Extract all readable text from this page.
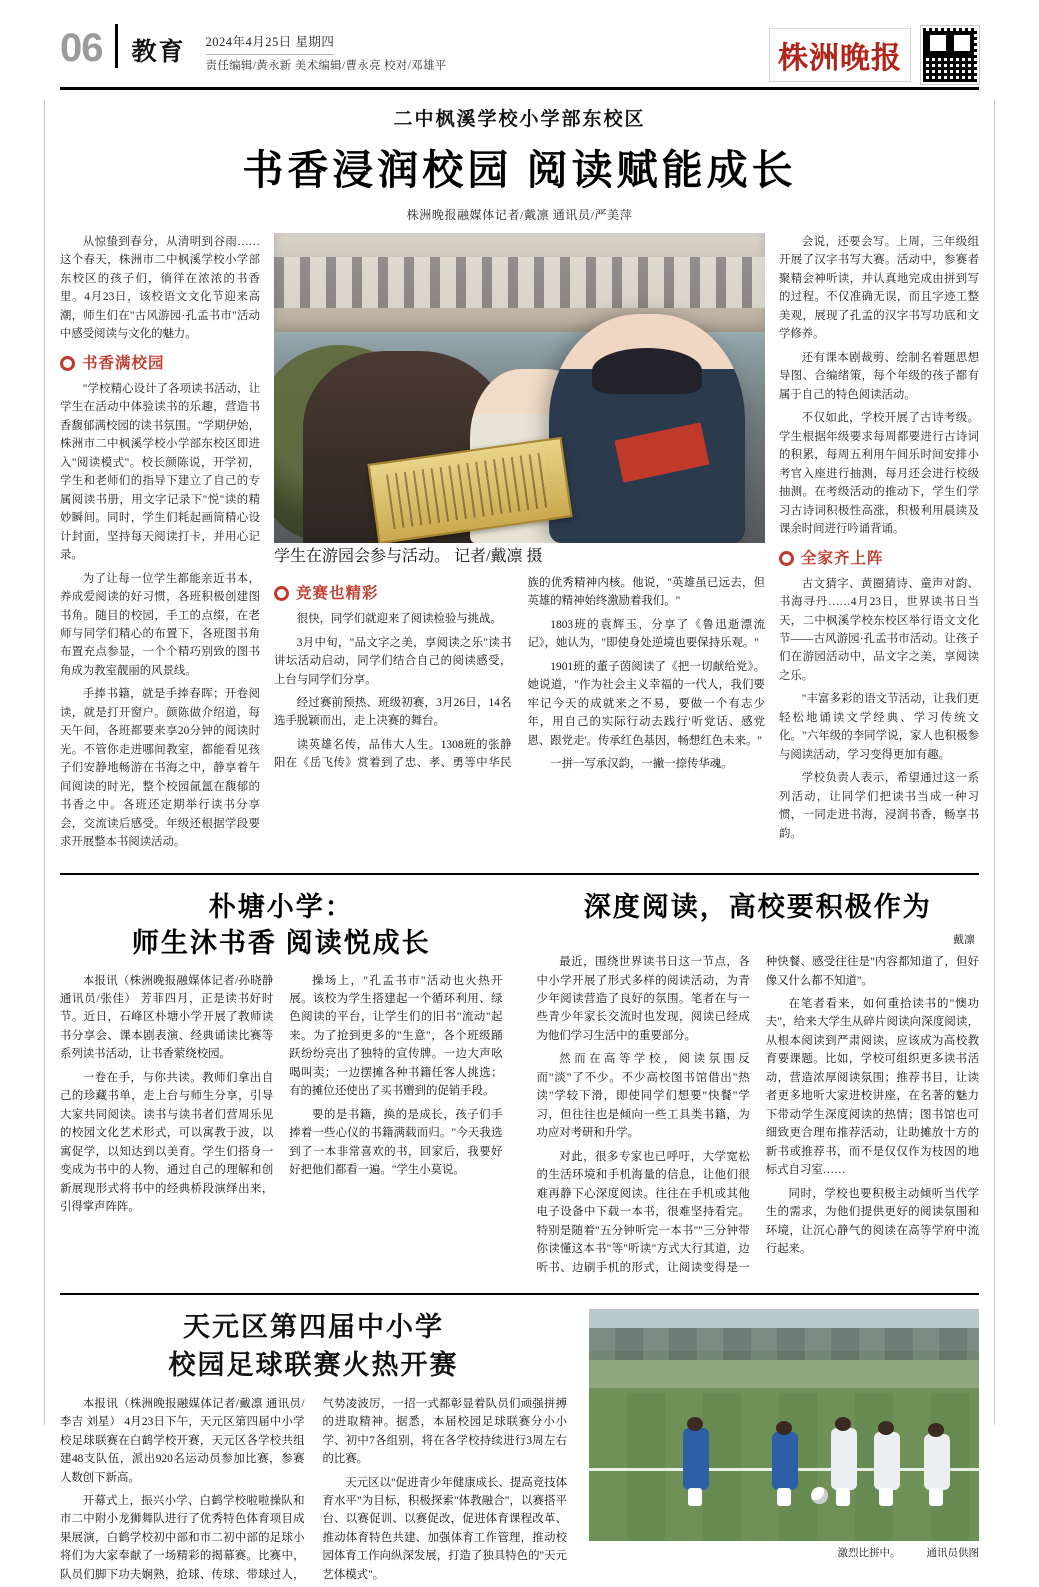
06	教育	2024年4月25日 星期四
责任编辑/黄永新 美术编辑/曹永亮 校对/邓雄平	株洲晚报
二中枫溪学校小学部东校区
书香浸润校园 阅读赋能成长
株洲晚报融媒体记者/戴凛 通讯员/严美萍

从惊蛰到春分，从清明到谷雨……这个春天，株洲市二中枫溪学校小学部东校区的孩子们，徜徉在浓浓的书香里。4月23日，该校语文文化节迎来高潮，师生们在"古风游园·孔孟书市"活动中感受阅读与文化的魅力。

书香满校园

"学校精心设计了各项读书活动，让学生在活动中体验读书的乐趣，营造书香馥郁满校园的读书氛围。"学期伊始，株洲市二中枫溪学校小学部东校区即进入"阅读模式"。校长颜陈说，开学初，学生和老师们的指导下建立了自己的专属阅读书册，用文字记录下"悦"读的精妙瞬间。同时，学生们耗起画筒精心设计封面，坚持每天阅读打卡，并用心记录。

为了让每一位学生都能亲近书本，养成爱阅读的好习惯，各班积极创建图书角。随目的校园，手工的点缀，在老师与同学们精心的布置下，各班图书角布置充点参显，一个个精巧别致的图书角成为教室靓丽的风景线。

手捧书籍，就是手捧春晖；开卷阅读，就是打开窗户。颜陈做介绍道，每天午间，各班都要来享20分钟的阅读时光。不管你走进哪间教室，都能看见孩子们安静地畅游在书海之中，静享着午间阅读的时光，整个校园氤氲在馥郁的书香之中。各班还定期举行读书分享会，交流读后感受。年级还根据学段要求开展整本书阅读活动。

学生在游园会参与活动。 记者/戴凛 摄
竞赛也精彩

很快，同学们就迎来了阅读检验与挑战。

3月中旬，"品文字之美，享阅读之乐"读书讲坛活动启动，同学们结合自己的阅读感受，上台与同学们分享。

经过赛前预热、班级初赛，3月26日，14名选手脱颖而出，走上决赛的舞台。

读英雄名传，品伟大人生。1308班的张静阳在《岳飞传》赏着到了忠、孝、勇等中华民族的优秀精神内核。他说，"英雄虽已远去，但英雄的精神始终激励着我们。"

1803班的袁辉玉，分享了《鲁迅逝漂流记》，她认为，"即使身处逆境也要保持乐观。"

1901班的董子茵阅读了《把一切献给党》。她说道，"作为社会主义幸福的一代人，我们要牢记今天的成就来之不易，要做一个有志少年，用自己的实际行动去践行'听党话、感党恩、跟党走'。传承红色基因，畅想红色未来。"

一拼一写承汉韵，一撇一捺传华魂。

会说，还要会写。上周，三年级组开展了汉字书写大赛。活动中，参赛者聚精会神听读，并认真地完成由拼到写的过程。不仅准确无误，而且字迹工整美观，展现了孔孟的汉字书写功底和文学修养。

还有课本剧裁剪、绘制名着题思想导图、合编绪策，每个年级的孩子都有属于自己的特色阅读活动。

不仅如此，学校开展了古诗考级。学生根据年级要求每周都要进行古诗词的积累，每周五利用午间乐时间安排小考官入座进行抽测，每月还会进行校级抽测。在考级活动的推动下，学生们学习古诗词积极性高涨，积极利用晨读及课余时间进行吟诵背诵。

全家齐上阵

古文猜字、黄圈猜诗、童声对韵、书海寻丹……4月23日，世界读书日当天，二中枫溪学校东校区举行语文文化节——古风游园·孔孟书市活动。让孩子们在游园活动中，品文字之美，享阅读之乐。

"丰富多彩的语文节活动，让我们更轻松地诵读文学经典、学习传统文化。"六年级的李同学说，家人也积极参与阅读活动，学习变得更加有趣。

学校负责人表示，希望通过这一系列活动，让同学们把读书当成一种习惯，一同走进书海，浸润书香，畅享书韵。

朴塘小学：
师生沐书香 阅读悦成长

本报讯（株洲晚报融媒体记者/孙晓静 通讯员/张佳） 芳菲四月，正是读书好时节。近日，石峰区朴塘小学开展了教师读书分享会、课本剧表演、经典诵读比赛等系列读书活动，让书香萦绕校园。

一卷在手，与你共读。教师们拿出自己的珍藏书单，走上台与师生分享，引导大家共同阅读。读书与读书者们营周乐见的校园文化艺术形式，可以寓教于波，以寓促学，以知达到以美育。学生们搭身一变成为书中的人物，通过自己的理解和创新展现形式将书中的经典桥段演绎出来，引得掌声阵阵。

操场上，"孔孟书市"活动也火热开展。该校为学生搭建起一个循环利用、绿色阅读的平台，让学生们的旧书"流动"起来。为了抢到更多的"生意"，各个班级踊跃纷纷亮出了独特的宣传牌。一边大声吆喝叫卖；一边摆摊各种书籍任客人挑选；有的摊位还使出了买书赠到的促销手段。

要的是书籍，换的是成长，孩子们手捧着一些心仪的书籍满载而归。"今天我选到了一本非常喜欢的书，回家后，我要好好把他们都看一遍。"学生小莫说。

深度阅读，高校要积极作为
戴凛

最近，围绕世界读书日这一节点，各中小学开展了形式多样的阅读活动，为青少年阅读营造了良好的氛围。笔者在与一些青少年家长交流时也发现，阅读已经成为他们学习生活中的重要部分。

然而在高等学校，阅读氛围反而"淡"了不少。不少高校图书馆借出"热读"学较下滑，即使同学们想要"快餐"学习，但往往也是倾向一些工具类书籍，为功应对考研和升学。

对此，很多专家也已呼吁，大学宽松的生活环境和手机海量的信息，让他们很难再静下心深度阅读。往往在手机或其他电子设备中下载一本书，很难坚持看完。特别是随着"五分钟听完一本书""三分钟带你读懂这本书"等"听读"方式大行其道，边听书、边刷手机的形式，让阅读变得是一种快餐、感受往往是"内容都知道了，但好像又什么都不知道"。

在笔者看来，如何重拾读书的"懊功夫"，给来大学生从碎片阅读向深度阅读，从根本阅读到严肃阅读，应该成为高校教育要课题。比如，学校可组织更多读书活动，营造浓厚阅读氛围；推荐书目，让读者更多地听大家进校讲座，在名著的魅力下带动学生深度阅读的热情；图书馆也可细致更合理布推荐活动，让助摊放十方的新书或推荐书，而不是仅仅作为枝因的地标式自习室……

同时，学校也要积极主动倾听当代学生的需求，为他们提供更好的阅读氛围和环境，让沉心静气的阅读在高等学府中流行起来。

天元区第四届中小学
校园足球联赛火热开赛

本报讯（株洲晚报融媒体记者/戴凛 通讯员/李吉 刘星） 4月23日下午，天元区第四届中小学校足球联赛在白鹤学校开赛，天元区各学校共组建48支队伍，派出920名运动员参加比赛，参赛人数创下新高。

开幕式上，振兴小学、白鹤学校啦啦操队和市二中附小龙狮舞队进行了优秀特色体育项目成果展演，白鹤学校初中部和市二初中部的足球小将们为大家奉献了一场精彩的揭幕赛。比赛中，队员们脚下功夫娴熟，抢球、传球、带球过人，气势凌波厉，一招一式都彰显着队员们顽强拼搏的进取精神。据悉，本届校园足球联赛分小小学、初中7各组别，将在各学校持续进行3周左右的比赛。

天元区以"促进青少年健康成长、提高竞技体育水平"为目标，积极探索"体教融合"，以赛搭平台、以赛促训、以赛促改，促进体育课程改革、推动体育特色共建、加强体育工作管理，推动校园体育工作向纵深发展，打造了独具特色的"天元艺体模式"。

激烈比拼中。 通讯员供图
